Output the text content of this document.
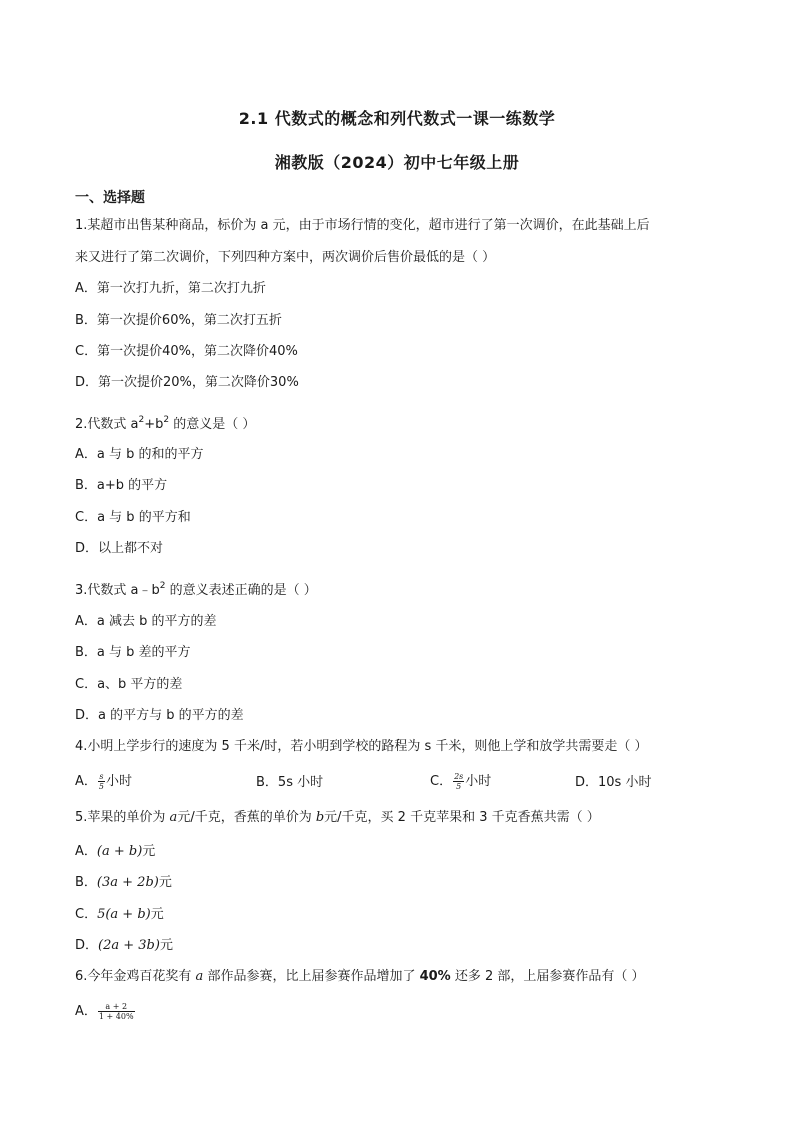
2.1 代数式的概念和列代数式一课一练数学
湘教版（2024）初中七年级上册
一、选择题
1.某超市出售某种商品，标价为 a 元，由于市场行情的变化，超市进行了第一次调价，在此基础上后
来又进行了第二次调价，下列四种方案中，两次调价后售价最低的是（ ）
A．第一次打九折，第二次打九折
B．第一次提价60%，第二次打五折
C．第一次提价40%，第二次降价40%
D．第一次提价20%，第二次降价30%
2.代数式 $a^2+b^2$ 的意义是（ ）
A．a 与 b 的和的平方
B．a+b 的平方
C．a 与 b 的平方和
D．以上都不对
3.代数式 $a﹣b^2$ 的意义表述正确的是（ ）
A．a 减去 b 的平方的差
B．a 与 b 差的平方
C．a、b 平方的差
D．a 的平方与 b 的平方的差
4.小明上学步行的速度为 5 千米/时，若小明到学校的路程为 s 千米，则他上学和放学共需要走（ ）
A． $\frac{s}{5}$ 小时	B．5s 小时	C． $\frac{2s}{5}$ 小时	D．10s 小时
5.苹果的单价为 a元/千克，香蕉的单价为 b元/千克，买 2 千克苹果和 3 千克香蕉共需（ ）
A．(a + b)元
B．(3a + 2b)元
C．5(a + b)元
D．(2a + 3b)元
6.今年金鸡百花奖有 a 部作品参赛，比上届参赛作品增加了 40% 还多 2 部，上届参赛作品有（ ）
A． $\frac{a + 2}{1 + 40\%}$
